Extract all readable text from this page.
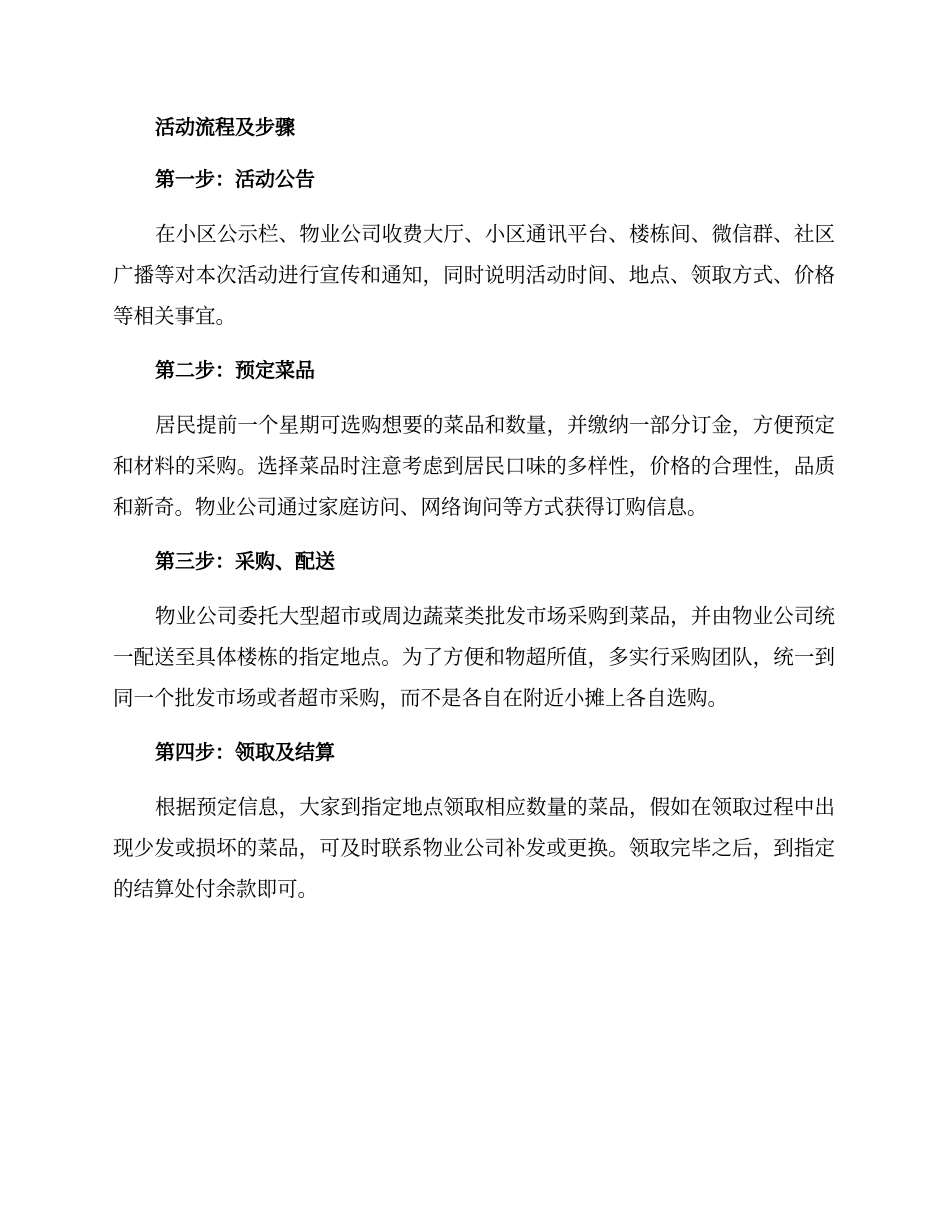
活动流程及步骤
第一步：活动公告

在小区公示栏、物业公司收费大厅、小区通讯平台、楼栋间、微信群、社区广播等对本次活动进行宣传和通知，同时说明活动时间、地点、领取方式、价格等相关事宜。

第二步：预定菜品

居民提前一个星期可选购想要的菜品和数量，并缴纳一部分订金，方便预定和材料的采购。选择菜品时注意考虑到居民口味的多样性，价格的合理性，品质和新奇。物业公司通过家庭访问、网络询问等方式获得订购信息。

第三步：采购、配送

物业公司委托大型超市或周边蔬菜类批发市场采购到菜品，并由物业公司统一配送至具体楼栋的指定地点。为了方便和物超所值，多实行采购团队，统一到同一个批发市场或者超市采购，而不是各自在附近小摊上各自选购。

第四步：领取及结算

根据预定信息，大家到指定地点领取相应数量的菜品，假如在领取过程中出现少发或损坏的菜品，可及时联系物业公司补发或更换。领取完毕之后，到指定的结算处付余款即可。
